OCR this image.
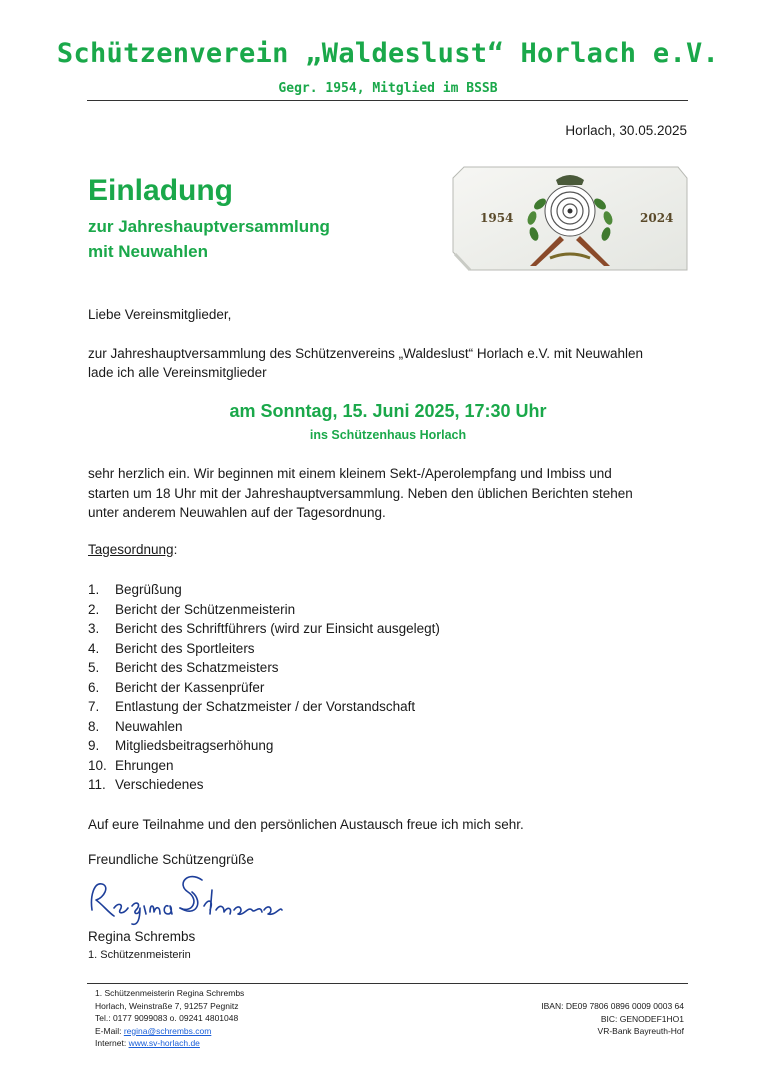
Schützenverein „Waldeslust“ Horlach e.V.
Gegr. 1954, Mitglied im BSSB
Horlach, 30.05.2025
Einladung
zur Jahreshauptversammlung
mit Neuwahlen
1954	2024
Liebe Vereinsmitglieder,
zur Jahreshauptversammlung des Schützenvereins „Waldeslust“ Horlach e.V. mit Neuwahlen
lade ich alle Vereinsmitglieder
am Sonntag, 15. Juni 2025, 17:30 Uhr
ins Schützenhaus Horlach
sehr herzlich ein. Wir beginnen mit einem kleinem Sekt-/Aperolempfang und Imbiss und
starten um 18 Uhr mit der Jahreshauptversammlung. Neben den üblichen Berichten stehen
unter anderem Neuwahlen auf der Tagesordnung.
Tagesordnung:
1.	Begrüßung
2.	Bericht der Schützenmeisterin
3.	Bericht des Schriftführers (wird zur Einsicht ausgelegt)
4.	Bericht des Sportleiters
5.	Bericht des Schatzmeisters
6.	Bericht der Kassenprüfer
7.	Entlastung der Schatzmeister / der Vorstandschaft
8.	Neuwahlen
9.	Mitgliedsbeitragserhöhung
10. Ehrungen
11. Verschiedenes
Auf eure Teilnahme und den persönlichen Austausch freue ich mich sehr.
Freundliche Schützengrüße
Regina Schrembs
1. Schützenmeisterin
1. Schützenmeisterin Regina Schrembs
Horlach, Weinstraße 7, 91257 Pegnitz
Tel.: 0177 9099083 o. 09241 4801048
E-Mail: regina@schrembs.com
Internet: www.sv-horlach.de
IBAN: DE09 7806 0896 0009 0003 64
BIC: GENODEF1HO1
VR-Bank Bayreuth-Hof
